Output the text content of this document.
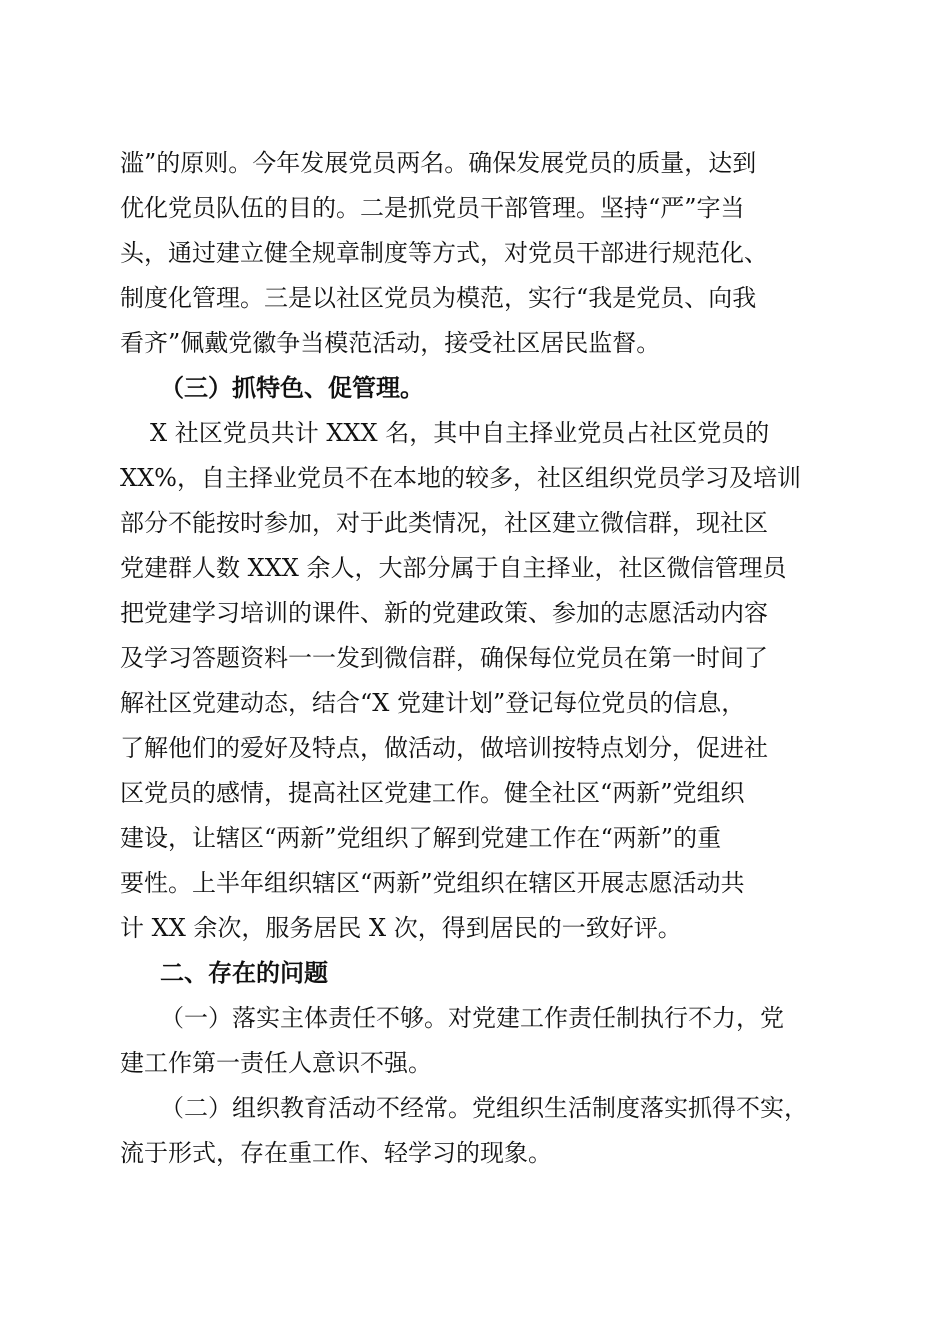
滥”的原则。今年发展党员两名。确保发展党员的质量，达到
优化党员队伍的目的。二是抓党员干部管理。坚持“严”字当
头，通过建立健全规章制度等方式，对党员干部进行规范化、
制度化管理。三是以社区党员为模范，实行“我是党员、向我
看齐”佩戴党徽争当模范活动，接受社区居民监督。
（三）抓特色、促管理。
X 社区党员共计 XXX 名，其中自主择业党员占社区党员的
XX%，自主择业党员不在本地的较多，社区组织党员学习及培训
部分不能按时参加，对于此类情况，社区建立微信群，现社区
党建群人数 XXX 余人，大部分属于自主择业，社区微信管理员
把党建学习培训的课件、新的党建政策、参加的志愿活动内容
及学习答题资料一一发到微信群，确保每位党员在第一时间了
解社区党建动态，结合“X 党建计划”登记每位党员的信息，
了解他们的爱好及特点，做活动，做培训按特点划分，促进社
区党员的感情，提高社区党建工作。健全社区“两新”党组织
建设，让辖区“两新”党组织了解到党建工作在“两新”的重
要性。上半年组织辖区“两新”党组织在辖区开展志愿活动共
计 XX 余次，服务居民 X 次，得到居民的一致好评。
二、存在的问题
（一）落实主体责任不够。对党建工作责任制执行不力，党
建工作第一责任人意识不强。
（二）组织教育活动不经常。党组织生活制度落实抓得不实，
流于形式，存在重工作、轻学习的现象。
